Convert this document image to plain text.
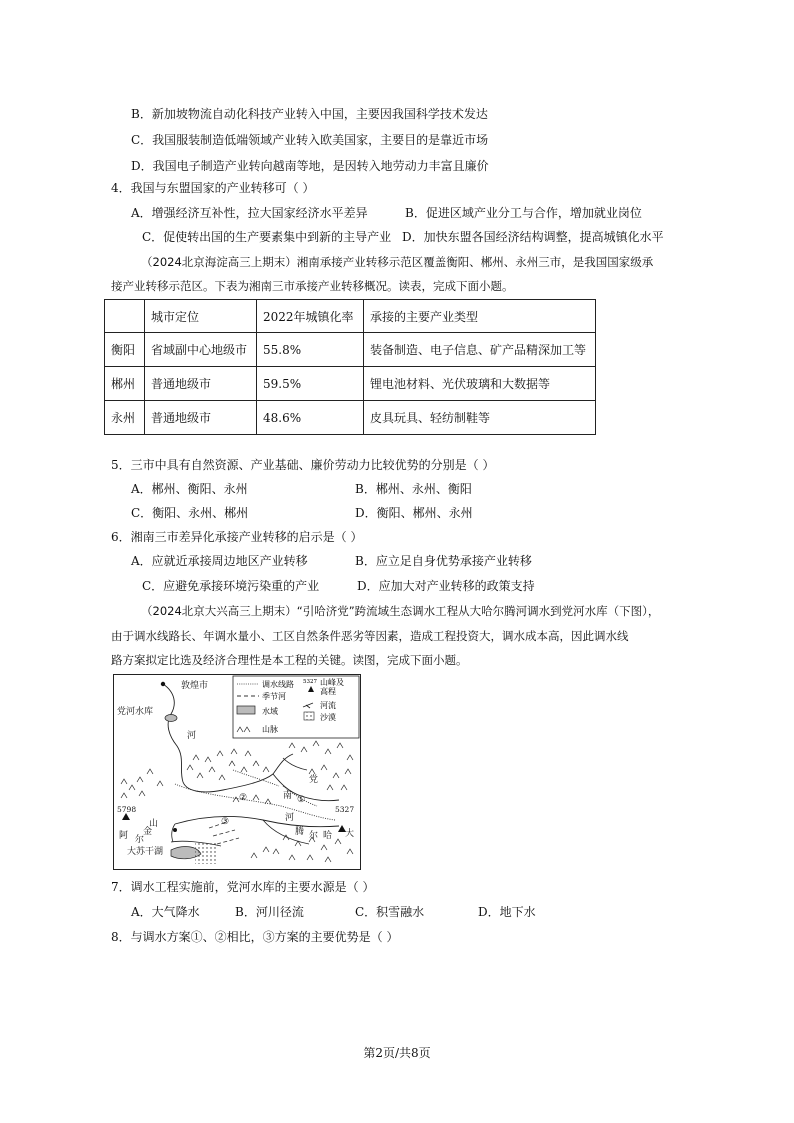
B．新加坡物流自动化科技产业转入中国，主要因我国科学技术发达
C．我国服装制造低端领域产业转入欧美国家，主要目的是靠近市场
D．我国电子制造产业转向越南等地，是因转入地劳动力丰富且廉价
4．我国与东盟国家的产业转移可（ ）
A．增强经济互补性，拉大国家经济水平差异	B．促进区域产业分工与合作，增加就业岗位
C．促使转出国的生产要素集中到新的主导产业 D．加快东盟各国经济结构调整，提高城镇化水平
（2024北京海淀高三上期末）湘南承接产业转移示范区覆盖衡阳、郴州、永州三市，是我国国家级承
接产业转移示范区。下表为湘南三市承接产业转移概况。读表，完成下面小题。
	城市定位	2022年城镇化率	承接的主要产业类型
衡阳	省域副中心地级市	55.8%	装备制造、电子信息、矿产品精深加工等
郴州	普通地级市	59.5%	锂电池材料、光伏玻璃和大数据等
永州	普通地级市	48.6%	皮具玩具、轻纺制鞋等
5．三市中具有自然资源、产业基础、廉价劳动力比较优势的分别是（ ）
A．郴州、衡阳、永州	B．郴州、永州、衡阳
C．衡阳、永州、郴州	D．衡阳、郴州、永州
6．湘南三市差异化承接产业转移的启示是（ ）
A．应就近承接周边地区产业转移	B．应立足自身优势承接产业转移
C．应避免承接环境污染重的产业	D．应加大对产业转移的政策支持
（2024北京大兴高三上期末）“引哈济党”跨流域生态调水工程从大哈尔腾河调水到党河水库（下图），
由于调水线路长、年调水量小、工区自然条件恶劣等因素，造成工程投资大，调水成本高，因此调水线
路方案拟定比选及经济合理性是本工程的关键。读图，完成下面小题。
调水线路
季节河
水域
山脉
5327 山峰及
高程
河流
沙漠
敦煌市
党河水库
河
党
南
河
①
②
③
山
金
尔
阿	腾 尔 哈 大
大苏干湖
5798	5327
7．调水工程实施前，党河水库的主要水源是（ ）
A．大气降水	B．河川径流	C．积雪融水	D．地下水
8．与调水方案①、②相比，③方案的主要优势是（ ）
第2页/共8页
